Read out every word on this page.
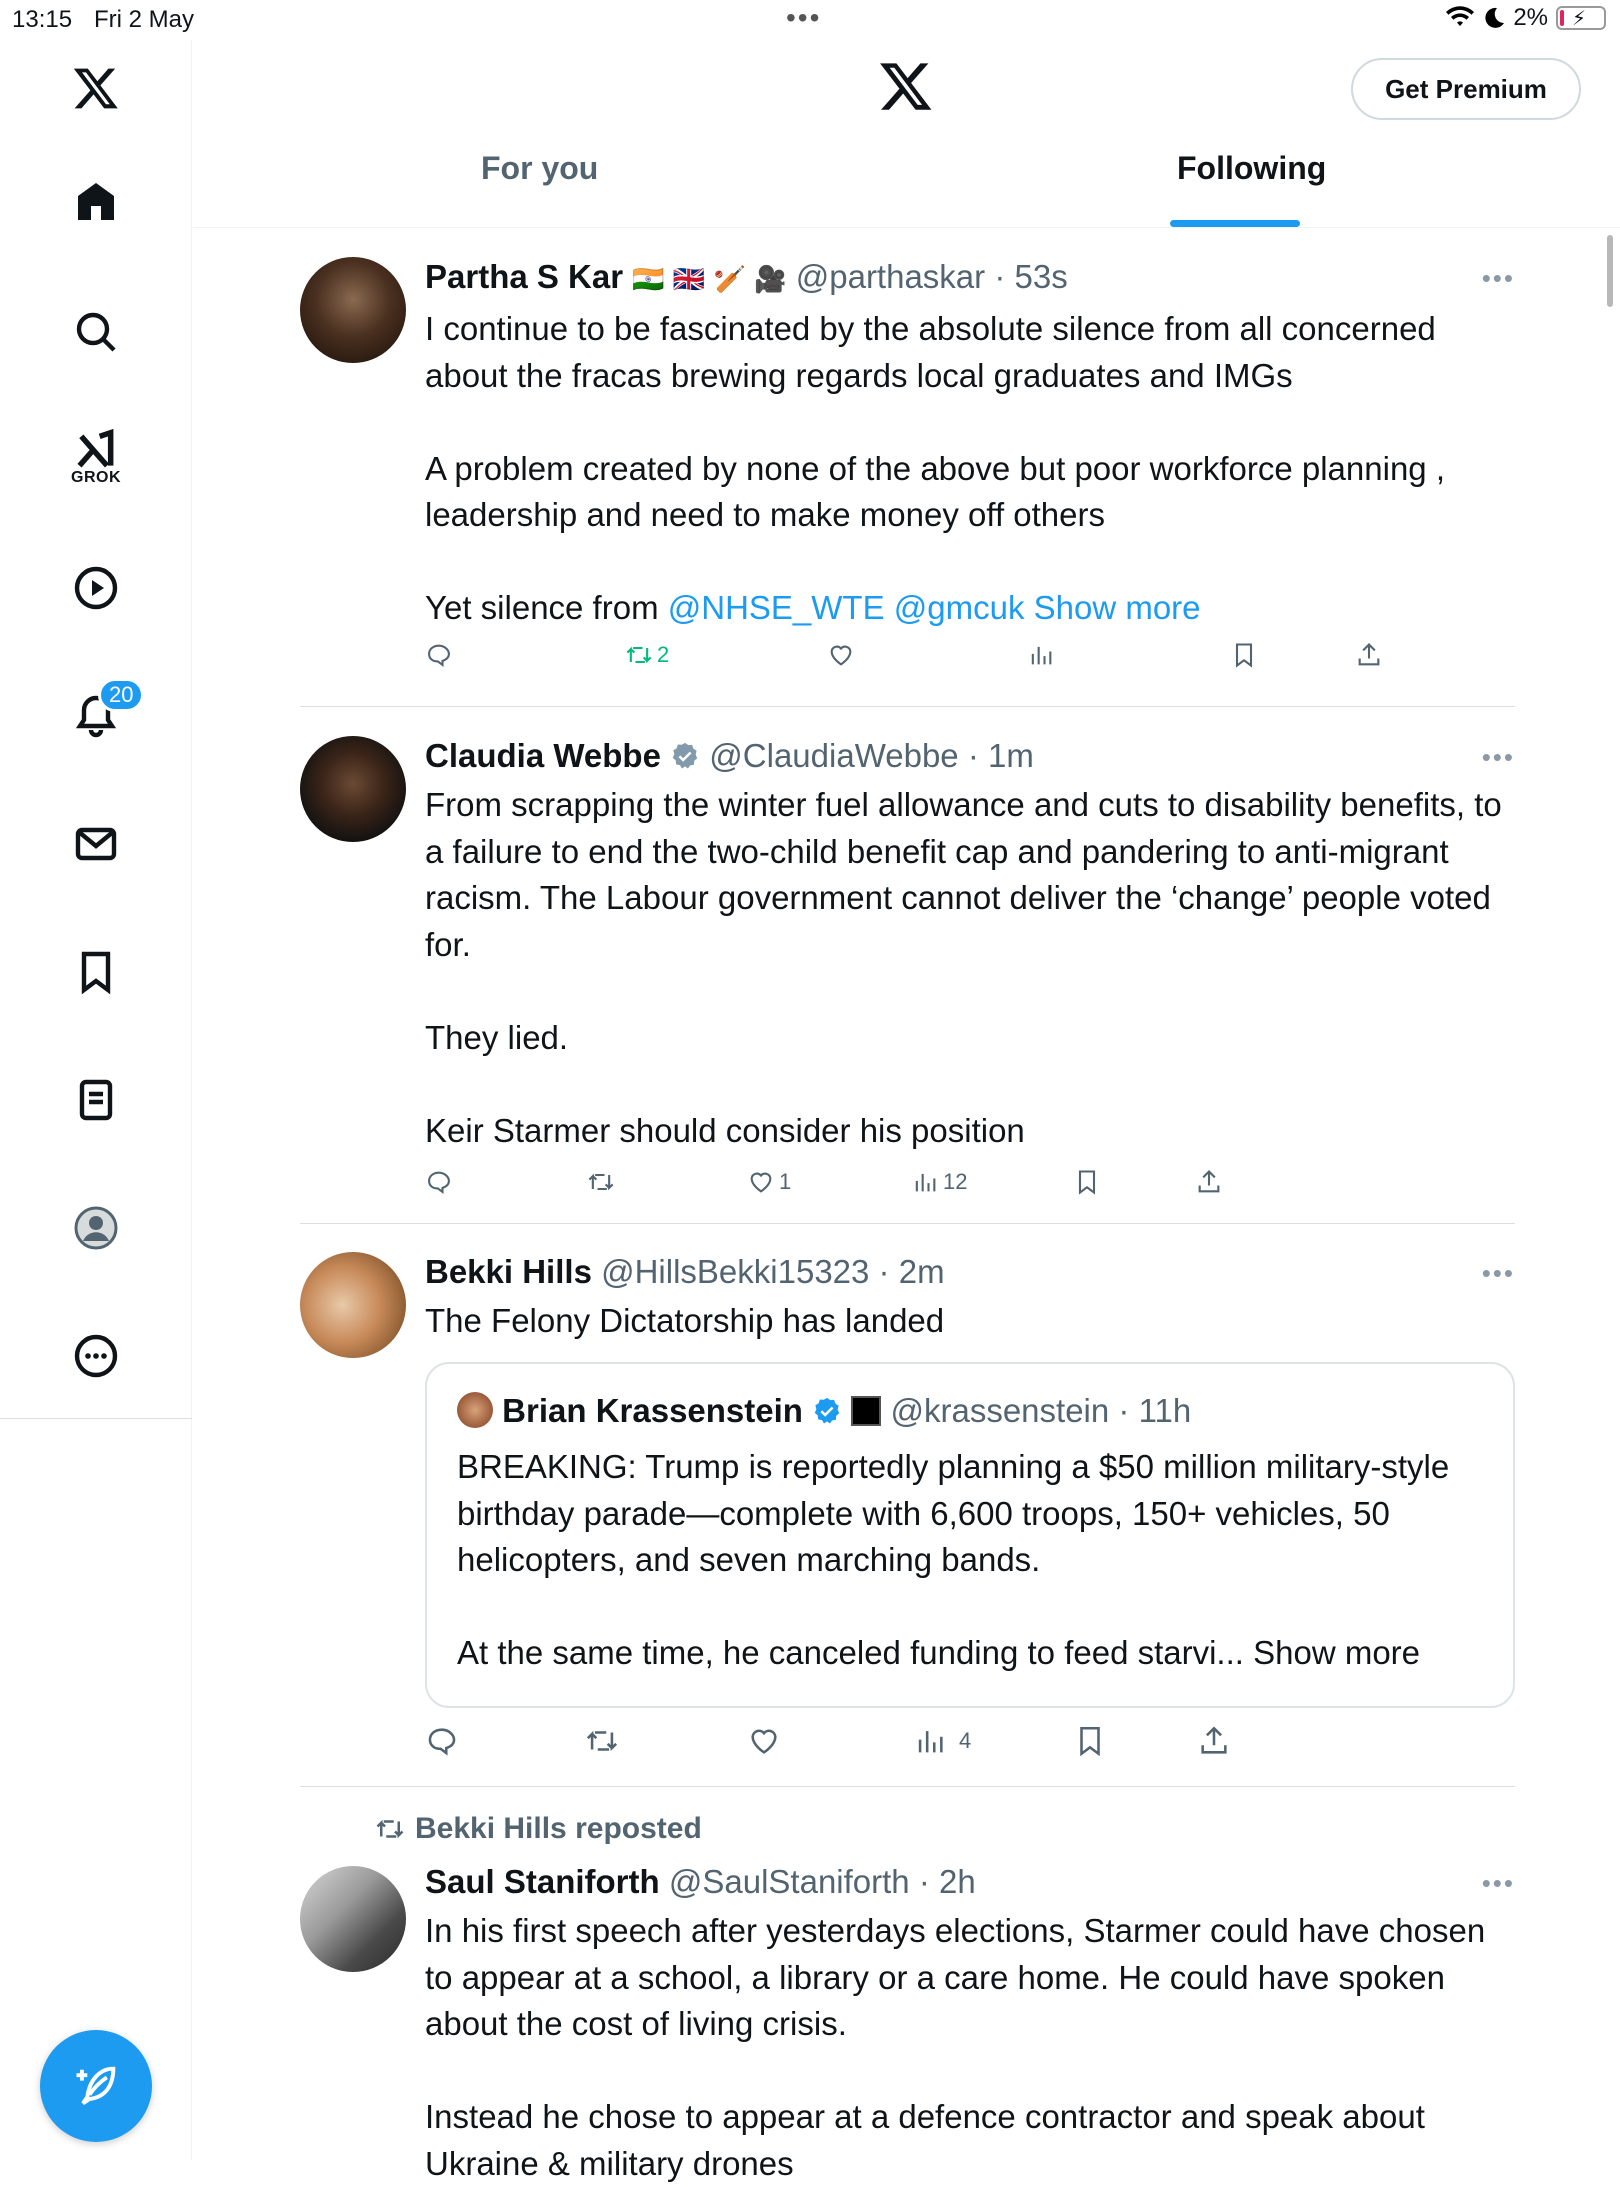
13:15 Fri 2 May	•••	2% ⚡
GROK
20
Get Premium
For you	Following
Partha S Kar 🇮🇳 🇬🇧 🏏 🎥 @parthaskar · 53s
I continue to be fascinated by the absolute silence from all concerned about the fracas brewing regards local graduates and IMGs

A problem created by none of the above but poor workforce planning , leadership and need to make money off others

Yet silence from @NHSE_WTE @gmcuk Show more
•••
2
Claudia Webbe @ClaudiaWebbe · 1m
From scrapping the winter fuel allowance and cuts to disability benefits, to a failure to end the two-child benefit cap and pandering to anti-migrant racism. The Labour government cannot deliver the ‘change’ people voted for.

They lied.

Keir Starmer should consider his position
•••
1	12
Bekki Hills @HillsBekki15323 · 2m
The Felony Dictatorship has landed
•••
Brian Krassenstein	@krassenstein · 11h
BREAKING: Trump is reportedly planning a $50 million military-style birthday parade—complete with 6,600 troops, 150+ vehicles, 50 helicopters, and seven marching bands.

At the same time, he canceled funding to feed starvi... Show more
4
Bekki Hills reposted
Saul Staniforth @SaulStaniforth · 2h
In his first speech after yesterdays elections, Starmer could have chosen to appear at a school, a library or a care home. He could have spoken about the cost of living crisis.

Instead he chose to appear at a defence contractor and speak about Ukraine & military drones
•••
